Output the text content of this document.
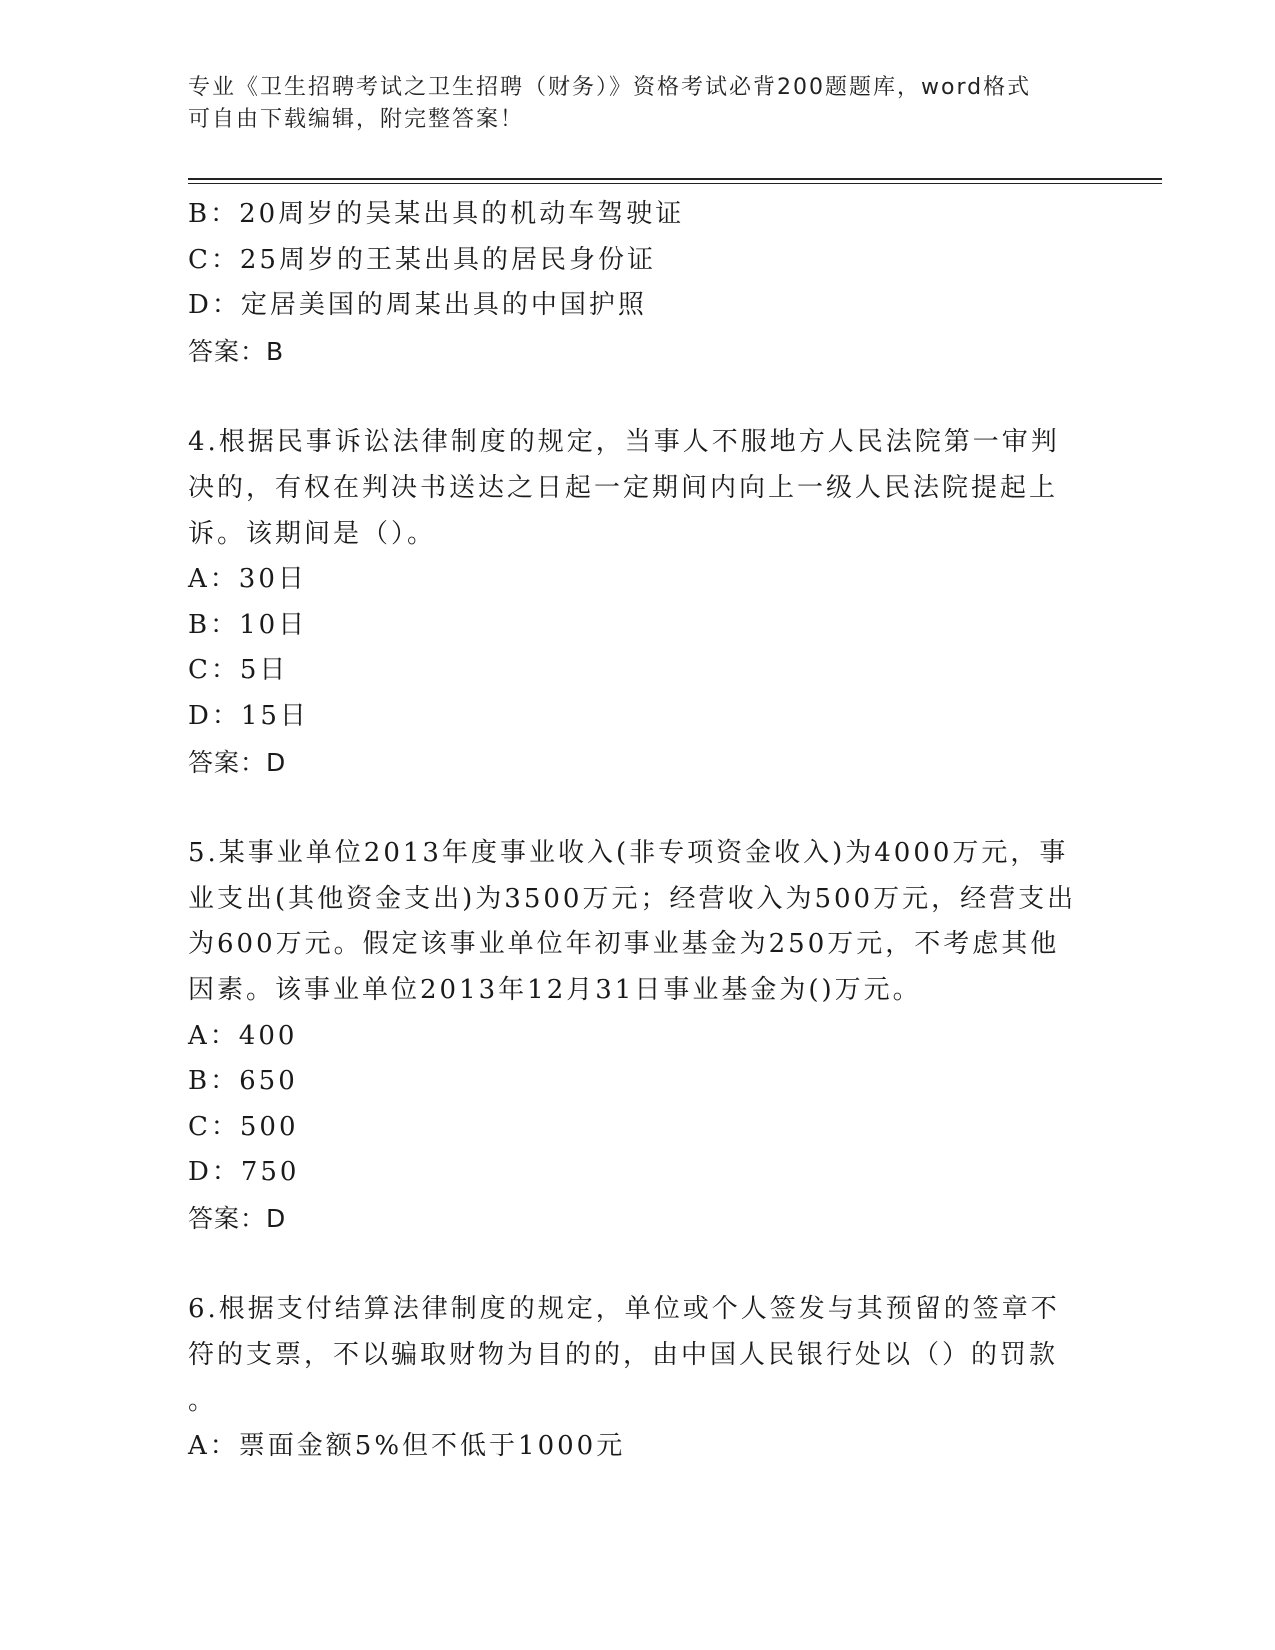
专业《卫生招聘考试之卫生招聘（财务）》资格考试必背200题题库，word格式
可自由下载编辑，附完整答案！
B：20周岁的吴某出具的机动车驾驶证
C：25周岁的王某出具的居民身份证
D：定居美国的周某出具的中国护照
答案：B
4.根据民事诉讼法律制度的规定，当事人不服地方人民法院第一审判
决的，有权在判决书送达之日起一定期间内向上一级人民法院提起上
诉。该期间是（）。
A：30日
B：10日
C：5日
D：15日
答案：D
5.某事业单位2013年度事业收入(非专项资金收入)为4000万元，事
业支出(其他资金支出)为3500万元；经营收入为500万元，经营支出
为600万元。假定该事业单位年初事业基金为250万元，不考虑其他
因素。该事业单位2013年12月31日事业基金为()万元。
A：400
B：650
C：500
D：750
答案：D
6.根据支付结算法律制度的规定，单位或个人签发与其预留的签章不
符的支票，不以骗取财物为目的的，由中国人民银行处以（）的罚款
。
A：票面金额5%但不低于1000元
